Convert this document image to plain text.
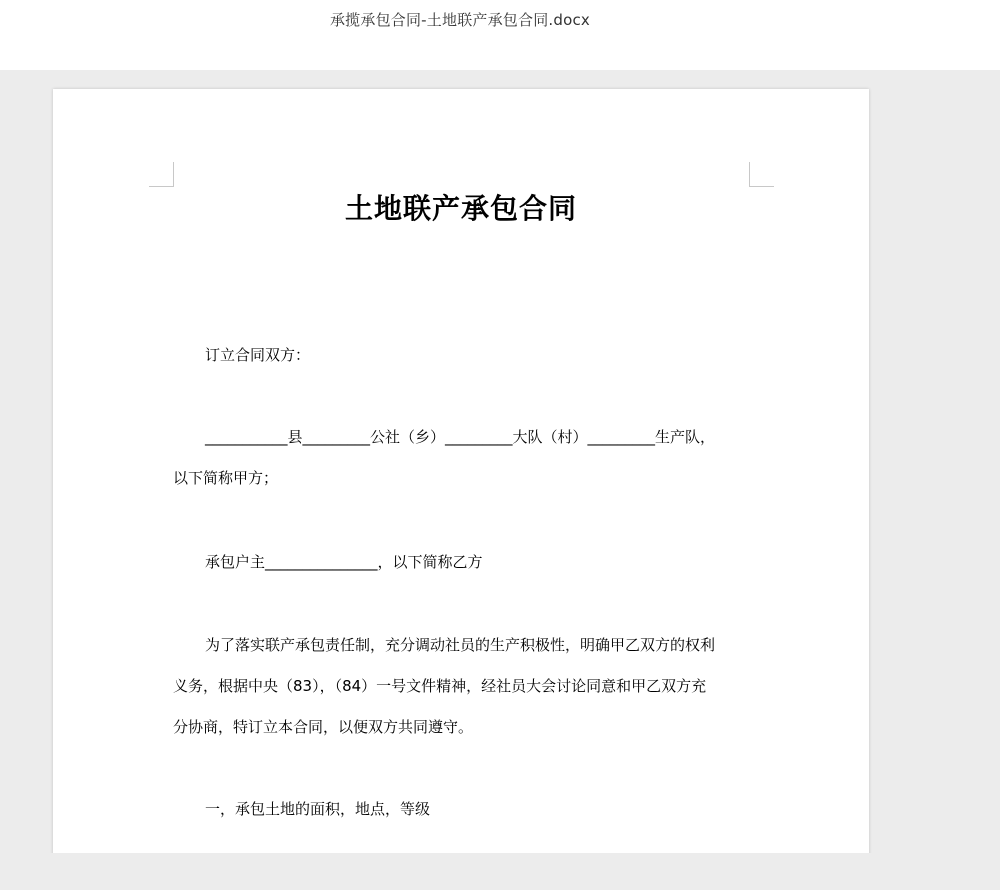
承揽承包合同-土地联产承包合同.docx
土地联产承包合同
订立合同双方：
___________县_________公社（乡）_________大队（村）_________生产队，
以下简称甲方；
承包户主_______________，以下简称乙方
为了落实联产承包责任制，充分调动社员的生产积极性，明确甲乙双方的权利
义务，根据中央（83），（84）一号文件精神，经社员大会讨论同意和甲乙双方充
分协商，特订立本合同，以便双方共同遵守。
一，承包土地的面积，地点，等级
